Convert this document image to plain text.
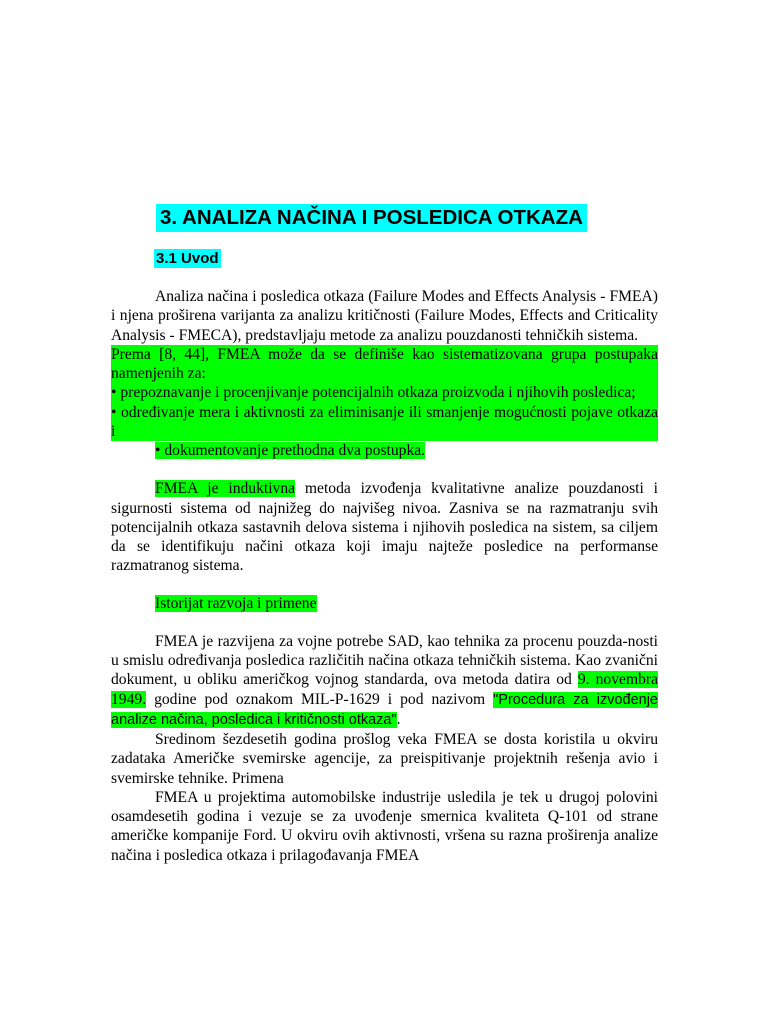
3. ANALIZA NAČINA I POSLEDICA OTKAZA
3.1 Uvod

Analiza načina i posledica otkaza (Failure Modes and Effects Analysis - FMEA) i njena proširena varijanta za analizu kritičnosti (Failure Modes, Effects and Criticality Analysis - FMECA), predstavljaju metode za analizu pouzdanosti tehničkih sistema.

Prema [8, 44], FMEA može da se definiše kao sistematizovana grupa postupaka namenjenih za:

• prepoznavanje i procenjivanje potencijalnih otkaza proizvoda i njihovih posledica;

• određivanje mera i aktivnosti za eliminisanje ili smanjenje mogućnosti pojave otkaza i

• dokumentovanje prethodna dva postupka.

FMEA je induktivna metoda izvođenja kvalitativne analize pouzdanosti i sigurnosti sistema od najnižeg do najvišeg nivoa. Zasniva se na razmatranju svih potencijalnih otkaza sastavnih delova sistema i njihovih posledica na sistem, sa ciljem da se identifikuju načini otkaza koji imaju najteže posledice na performanse razmatranog sistema.

Istorijat razvoja i primene

FMEA je razvijena za vojne potrebe SAD, kao tehnika za procenu pouzda-nosti u smislu određivanja posledica različitih načina otkaza tehničkih sistema. Kao zvanični dokument, u obliku američkog vojnog standarda, ova metoda datira od 9. novembra 1949. godine pod oznakom MIL-P-1629 i pod nazivom "Procedura za izvođenje analize načina, posledica i kritičnosti otkaza".

Sredinom šezdesetih godina prošlog veka FMEA se dosta koristila u okviru zadataka Američke svemirske agencije, za preispitivanje projektnih rešenja avio i svemirske tehnike. Primena

FMEA u projektima automobilske industrije usledila je tek u drugoj polovini osamdesetih godina i vezuje se za uvođenje smernica kvaliteta Q-101 od strane američke kompanije Ford. U okviru ovih aktivnosti, vršena su razna proširenja analize načina i posledica otkaza i prilagođavanja FMEA
